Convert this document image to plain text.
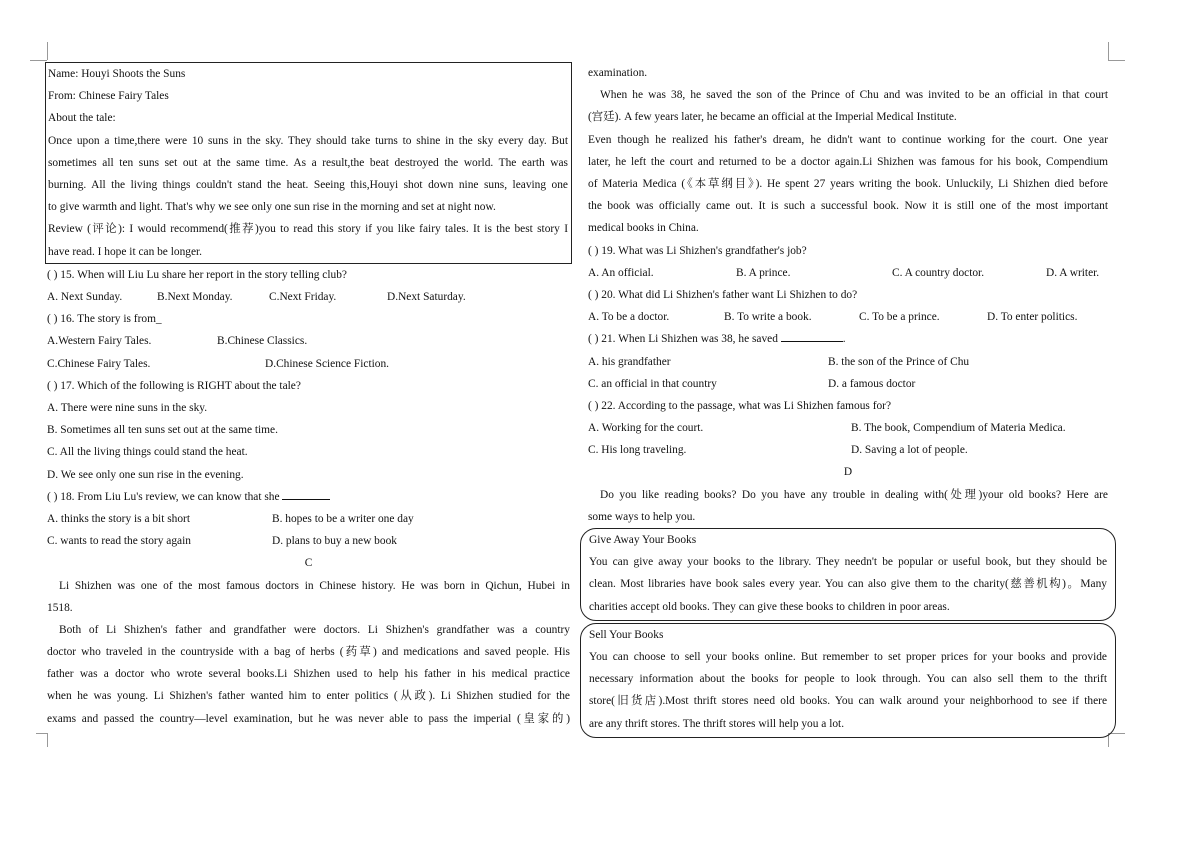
Name: Houyi Shoots the Suns
From: Chinese Fairy Tales
About the tale:
Once upon a time,there were 10 suns in the sky. They should take turns to shine in the sky every day. But
sometimes all ten suns set out at the same time. As a result,the beat destroyed the world. The earth was
burning. All the living things couldn't stand the heat. Seeing this,Houyi shot down nine suns, leaving one
to give warmth and light. That's why we see only one sun rise in the morning and set at night now.
Review (评论): I would recommend(推荐)you to read this story if you like fairy tales. It is the best story I
have read. I hope it can be longer.
( ) 15. When will Liu Lu share her report in the story telling club?
A. Next Sunday.	B.Next Monday.	C.Next Friday.	D.Next Saturday.
( ) 16. The story is from_
A.Western Fairy Tales.	B.Chinese Classics.
C.Chinese Fairy Tales.	D.Chinese Science Fiction.
( ) 17. Which of the following is RIGHT about the tale?
A. There were nine suns in the sky.
B. Sometimes all ten suns set out at the same time.
C. All the living things could stand the heat.
D. We see only one sun rise in the evening.
( ) 18. From Liu Lu's review, we can know that she
A. thinks the story is a bit short	B. hopes to be a writer one day
C. wants to read the story again	D. plans to buy a new book
C
Li Shizhen was one of the most famous doctors in Chinese history. He was born in Qichun, Hubei in
1518.
Both of Li Shizhen's father and grandfather were doctors. Li Shizhen's grandfather was a country
doctor who traveled in the countryside with a bag of herbs (药草) and medications and saved people. His
father was a doctor who wrote several books.Li Shizhen used to help his father in his medical practice
when he was young. Li Shizhen's father wanted him to enter politics (从政). Li Shizhen studied for the
exams and passed the country—level examination, but he was never able to pass the imperial (皇家的)
examination.
When he was 38, he saved the son of the Prince of Chu and was invited to be an official in that court
(宫廷). A few years later, he became an official at the Imperial Medical Institute.
Even though he realized his father's dream, he didn't want to continue working for the court. One year
later, he left the court and returned to be a doctor again.Li Shizhen was famous for his book, Compendium
of Materia Medica (《本草纲目》). He spent 27 years writing the book. Unluckily, Li Shizhen died before
the book was officially came out. It is such a successful book. Now it is still one of the most important
medical books in China.
( ) 19. What was Li Shizhen's grandfather's job?
A. An official.	B. A prince.	C. A country doctor.	D. A writer.
( ) 20. What did Li Shizhen's father want Li Shizhen to do?
A. To be a doctor.	B. To write a book.	C. To be a prince.	D. To enter politics.
( ) 21. When Li Shizhen was 38, he saved	.
A. his grandfather	B. the son of the Prince of Chu
C. an official in that country	D. a famous doctor
( ) 22. According to the passage, what was Li Shizhen famous for?
A. Working for the court.	B. The book, Compendium of Materia Medica.
C. His long traveling.	D. Saving a lot of people.
D
Do you like reading books? Do you have any trouble in dealing with(处理)your old books? Here are
some ways to help you.
Give Away Your Books
You can give away your books to the library. They needn't be popular or useful book, but they should be
clean. Most libraries have book sales every year. You can also give them to the charity(慈善机构)。Many
charities accept old books. They can give these books to children in poor areas.
Sell Your Books
You can choose to sell your books online. But remember to set proper prices for your books and provide
necessary information about the books for people to look through. You can also sell them to the thrift
store(旧货店).Most thrift stores need old books. You can walk around your neighborhood to see if there
are any thrift stores. The thrift stores will help you a lot.
